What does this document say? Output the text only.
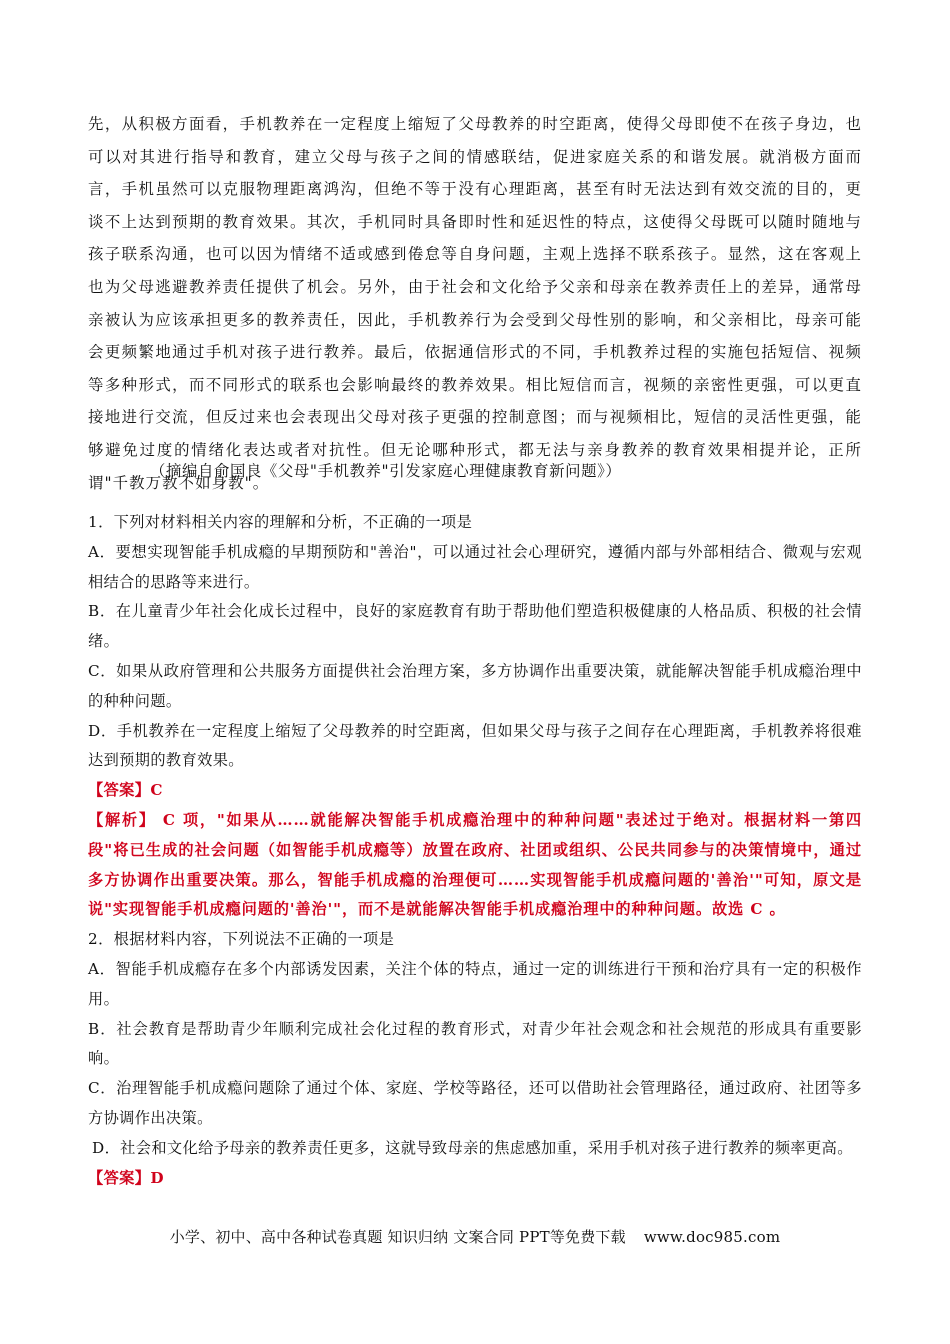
先，从积极方面看，手机教养在一定程度上缩短了父母教养的时空距离，使得父母即使不在孩子身边，也可以对其进行指导和教育，建立父母与孩子之间的情感联结，促进家庭关系的和谐发展。就消极方面而言，手机虽然可以克服物理距离鸿沟，但绝不等于没有心理距离，甚至有时无法达到有效交流的目的，更谈不上达到预期的教育效果。其次，手机同时具备即时性和延迟性的特点，这使得父母既可以随时随地与孩子联系沟通，也可以因为情绪不适或感到倦怠等自身问题，主观上选择不联系孩子。显然，这在客观上也为父母逃避教养责任提供了机会。另外，由于社会和文化给予父亲和母亲在教养责任上的差异，通常母亲被认为应该承担更多的教养责任，因此，手机教养行为会受到父母性别的影响，和父亲相比，母亲可能会更频繁地通过手机对孩子进行教养。最后，依据通信形式的不同，手机教养过程的实施包括短信、视频等多种形式，而不同形式的联系也会影响最终的教养效果。相比短信而言，视频的亲密性更强，可以更直接地进行交流，但反过来也会表现出父母对孩子更强的控制意图；而与视频相比，短信的灵活性更强，能够避免过度的情绪化表达或者对抗性。但无论哪种形式，都无法与亲身教养的教育效果相提并论，正所谓"千教万教不如身教"。
（摘编自俞国良《父母"手机教养"引发家庭心理健康教育新问题》）

1．下列对材料相关内容的理解和分析，不正确的一项是

A．要想实现智能手机成瘾的早期预防和"善治"，可以通过社会心理研究，遵循内部与外部相结合、微观与宏观相结合的思路等来进行。

B．在儿童青少年社会化成长过程中，良好的家庭教育有助于帮助他们塑造积极健康的人格品质、积极的社会情绪。

C．如果从政府管理和公共服务方面提供社会治理方案，多方协调作出重要决策，就能解决智能手机成瘾治理中的种种问题。

D．手机教养在一定程度上缩短了父母教养的时空距离，但如果父母与孩子之间存在心理距离，手机教养将很难达到预期的教育效果。

【答案】C

【解析】 C 项，"如果从……就能解决智能手机成瘾治理中的种种问题"表述过于绝对。根据材料一第四段"将已生成的社会问题（如智能手机成瘾等）放置在政府、社团或组织、公民共同参与的决策情境中，通过多方协调作出重要决策。那么，智能手机成瘾的治理便可……实现智能手机成瘾问题的'善治'"可知，原文是说"实现智能手机成瘾问题的'善治'"，而不是就能解决智能手机成瘾治理中的种种问题。故选 C 。

2．根据材料内容，下列说法不正确的一项是

A．智能手机成瘾存在多个内部诱发因素，关注个体的特点，通过一定的训练进行干预和治疗具有一定的积极作用。

B．社会教育是帮助青少年顺利完成社会化过程的教育形式，对青少年社会观念和社会规范的形成具有重要影响。

C．治理智能手机成瘾问题除了通过个体、家庭、学校等路径，还可以借助社会管理路径，通过政府、社团等多方协调作出决策。

D．社会和文化给予母亲的教养责任更多，这就导致母亲的焦虑感加重，采用手机对孩子进行教养的频率更高。

【答案】D

小学、初中、高中各种试卷真题 知识归纳 文案合同 PPT等免费下载 www.doc985.com
